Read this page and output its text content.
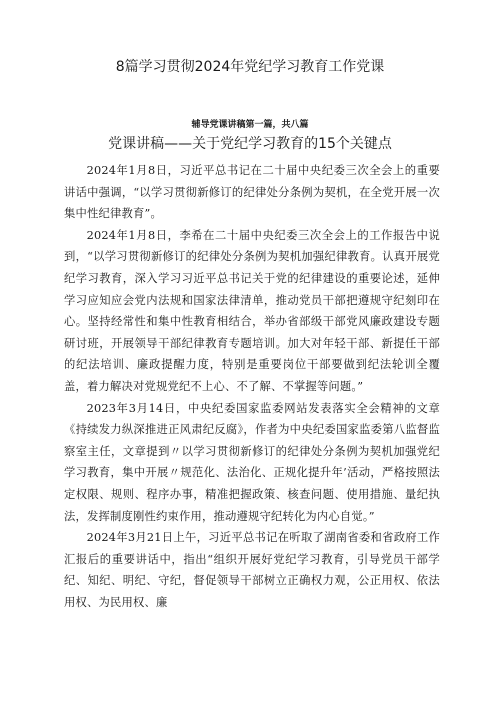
8篇学习贯彻2024年党纪学习教育工作党课
辅导党课讲稿第一篇，共八篇
党课讲稿——关于党纪学习教育的15个关键点

2024年1月8日，习近平总书记在二十届中央纪委三次全会上的重要讲话中强调，“以学习贯彻新修订的纪律处分条例为契机，在全党开展一次集中性纪律教育”。

2024年1月8日，李希在二十届中央纪委三次全会上的工作报告中说到，“以学习贯彻新修订的纪律处分条例为契机加强纪律教育。认真开展党纪学习教育，深入学习习近平总书记关于党的纪律建设的重要论述，延伸学习应知应会党内法规和国家法律清单，推动党员干部把遵规守纪刻印在心。坚持经常性和集中性教育相结合，举办省部级干部党风廉政建设专题研讨班，开展领导干部纪律教育专题培训。加大对年轻干部、新提任干部的纪法培训、廉政提醒力度，特别是重要岗位干部要做到纪法轮训全覆盖，着力解决对党规党纪不上心、不了解、不掌握等问题。”

2023年3月14日，中央纪委国家监委网站发表落实全会精神的文章《持续发力纵深推进正风肃纪反腐》，作者为中央纪委国家监委第八监督监察室主任，文章提到〃以学习贯彻新修订的纪律处分条例为契机加强党纪学习教育，集中开展〃规范化、法治化、正规化提升年’活动，严格按照法定权限、规则、程序办事，精准把握政策、核查问题、使用措施、量纪执法，发挥制度刚性约束作用，推动遵规守纪转化为内心自觉。”

2024年3月21日上午，习近平总书记在听取了湖南省委和省政府工作汇报后的重要讲话中，指出“组织开展好党纪学习教育，引导党员干部学纪、知纪、明纪、守纪，督促领导干部树立正确权力观，公正用权、依法用权、为民用权、廉
